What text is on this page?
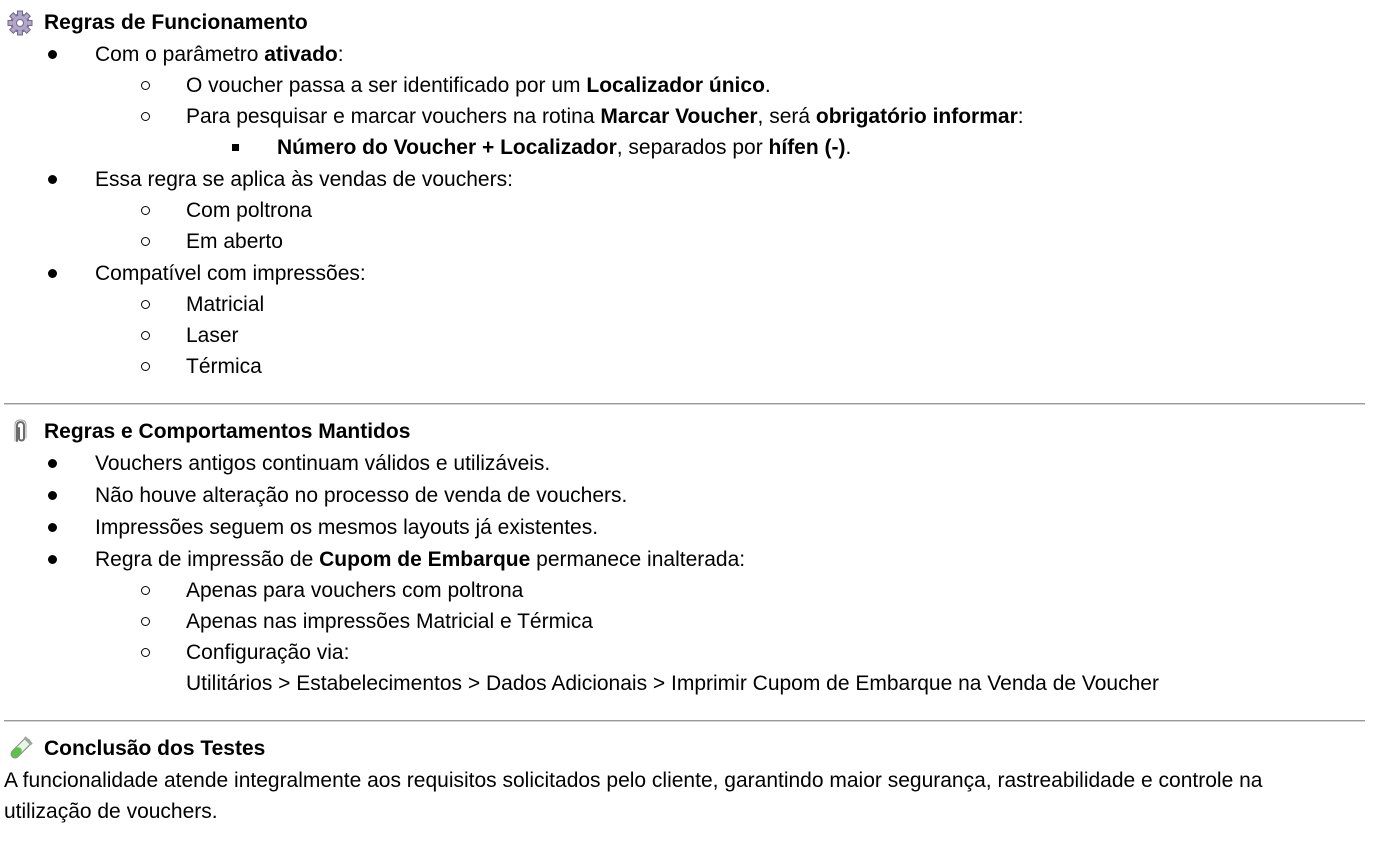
Regras de Funcionamento
Com o parâmetro ativado:
O voucher passa a ser identificado por um Localizador único.
Para pesquisar e marcar vouchers na rotina Marcar Voucher, será obrigatório informar:
Número do Voucher + Localizador, separados por hífen (-).
Essa regra se aplica às vendas de vouchers:
Com poltrona
Em aberto
Compatível com impressões:
Matricial
Laser
Térmica
Regras e Comportamentos Mantidos
Vouchers antigos continuam válidos e utilizáveis.
Não houve alteração no processo de venda de vouchers.
Impressões seguem os mesmos layouts já existentes.
Regra de impressão de Cupom de Embarque permanece inalterada:
Apenas para vouchers com poltrona
Apenas nas impressões Matricial e Térmica
Configuração via:
Utilitários > Estabelecimentos > Dados Adicionais > Imprimir Cupom de Embarque na Venda de Voucher
Conclusão dos Testes
A funcionalidade atende integralmente aos requisitos solicitados pelo cliente, garantindo maior segurança, rastreabilidade e controle na utilização de vouchers.
